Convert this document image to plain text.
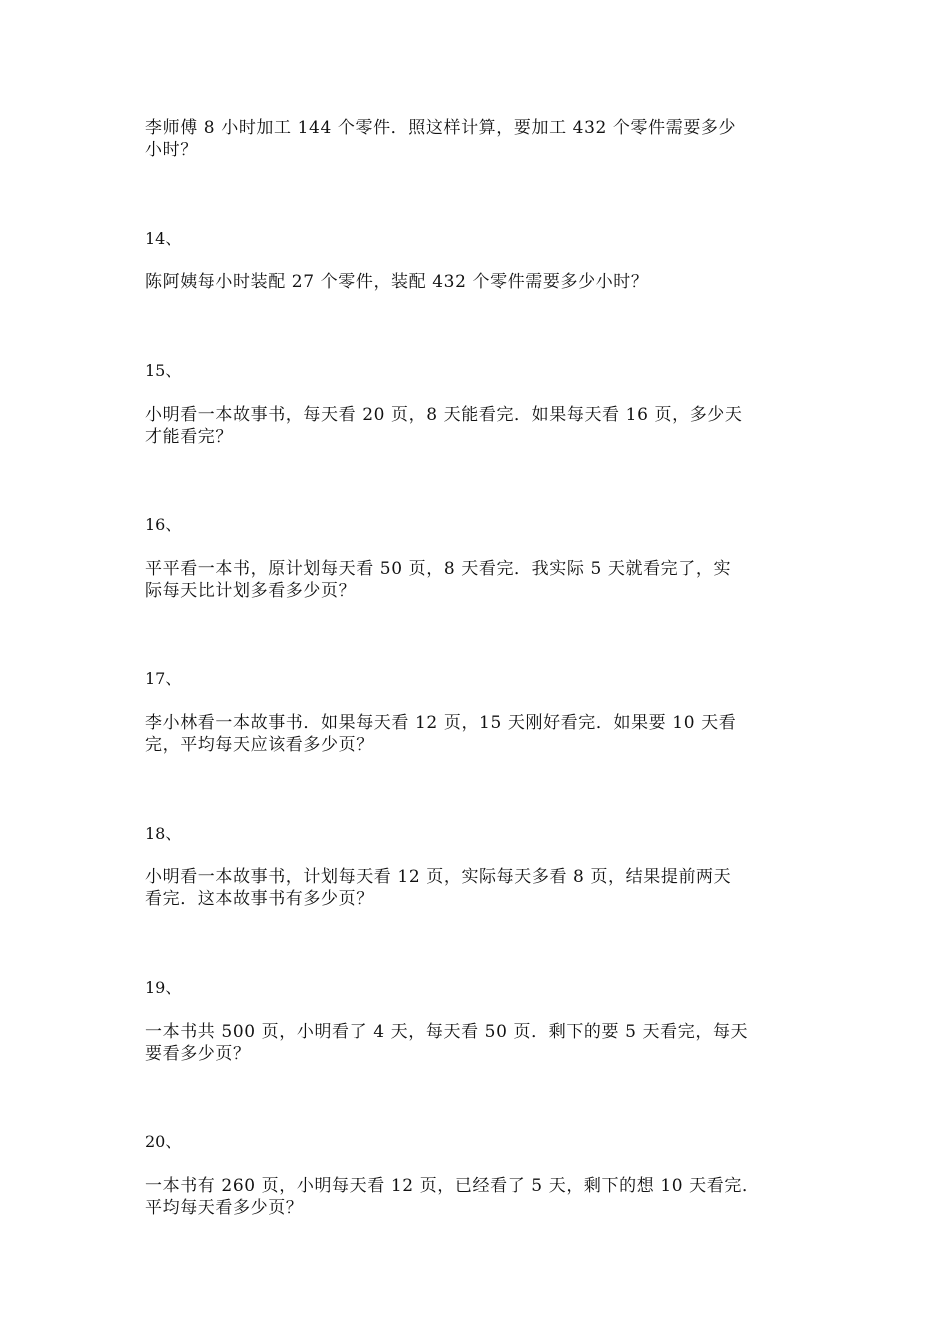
李师傅 8 小时加工 144 个零件．照这样计算，要加工 432 个零件需要多少
小时？
14、
陈阿姨每小时装配 27 个零件，装配 432 个零件需要多少小时？
15、
小明看一本故事书，每天看 20 页，8 天能看完．如果每天看 16 页，多少天
才能看完？
16、
平平看一本书，原计划每天看 50 页，8 天看完．我实际 5 天就看完了，实
际每天比计划多看多少页？
17、
李小林看一本故事书．如果每天看 12 页，15 天刚好看完．如果要 10 天看
完，平均每天应该看多少页？
18、
小明看一本故事书，计划每天看 12 页，实际每天多看 8 页，结果提前两天
看完．这本故事书有多少页？
19、
一本书共 500 页，小明看了 4 天，每天看 50 页．剩下的要 5 天看完，每天
要看多少页？
20、
一本书有 260 页，小明每天看 12 页，已经看了 5 天，剩下的想 10 天看完．
平均每天看多少页？
